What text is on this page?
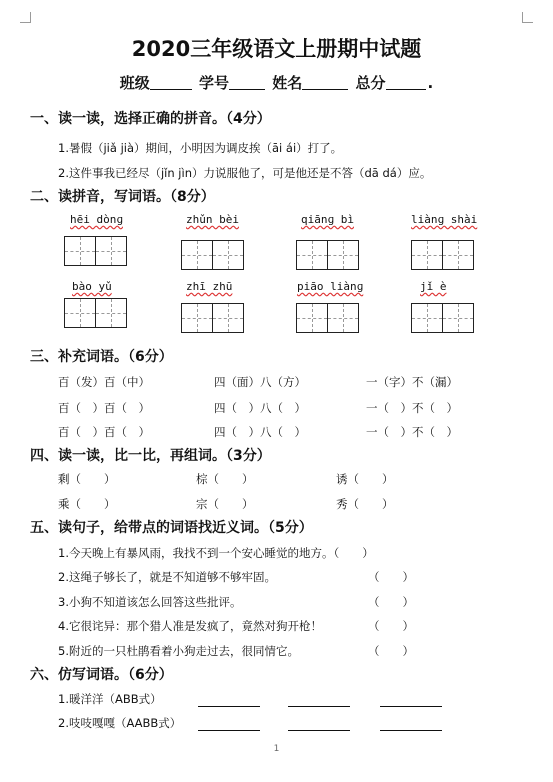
2020三年级语文上册期中试题
班级	学号	姓名	总分	.
一、读一读，选择正确的拼音。（4分）
1.暑假（jiǎ jià）期间，小明因为调皮挨（āi ái）打了。
2.这件事我已经尽（jǐn jìn）力说服他了，可是他还是不答（dā dá）应。
二、读拼音，写词语。（8分）
hēi dònɡ	zhǔn bèi	qiānɡ bì	liànɡ shài
bào yǔ	zhī zhū	piāo liànɡ	jǐ è
三、补充词语。（6分）
百（发）百（中）	四（面）八（方）	一（字）不（漏）
百（　）百（　）	四（　）八（　）	一（　）不（　）
百（　）百（　）	四（　）八（　）	一（　）不（　）
四、读一读，比一比，再组词。（3分）
剩（　　）	棕（　　）	诱（　　）
乘（　　）	宗（　　）	秀（　　）
五、读句子，给带点的词语找近义词。（5分）
1.今天晚上有暴风雨，我找不到一个安心睡觉的地方。（　　）
2.这绳子够长了，就是不知道够不够牢固。	（　　）
3.小狗不知道该怎么回答这些批评。	（　　）
4.它很诧异：那个猎人准是发疯了，竟然对狗开枪！	（　　）
5.附近的一只杜鹃看着小狗走过去，很同情它。	（　　）
六、仿写词语。（6分）
1.暖洋洋（ABB式）
2.吱吱嘎嘎（AABB式）
1
